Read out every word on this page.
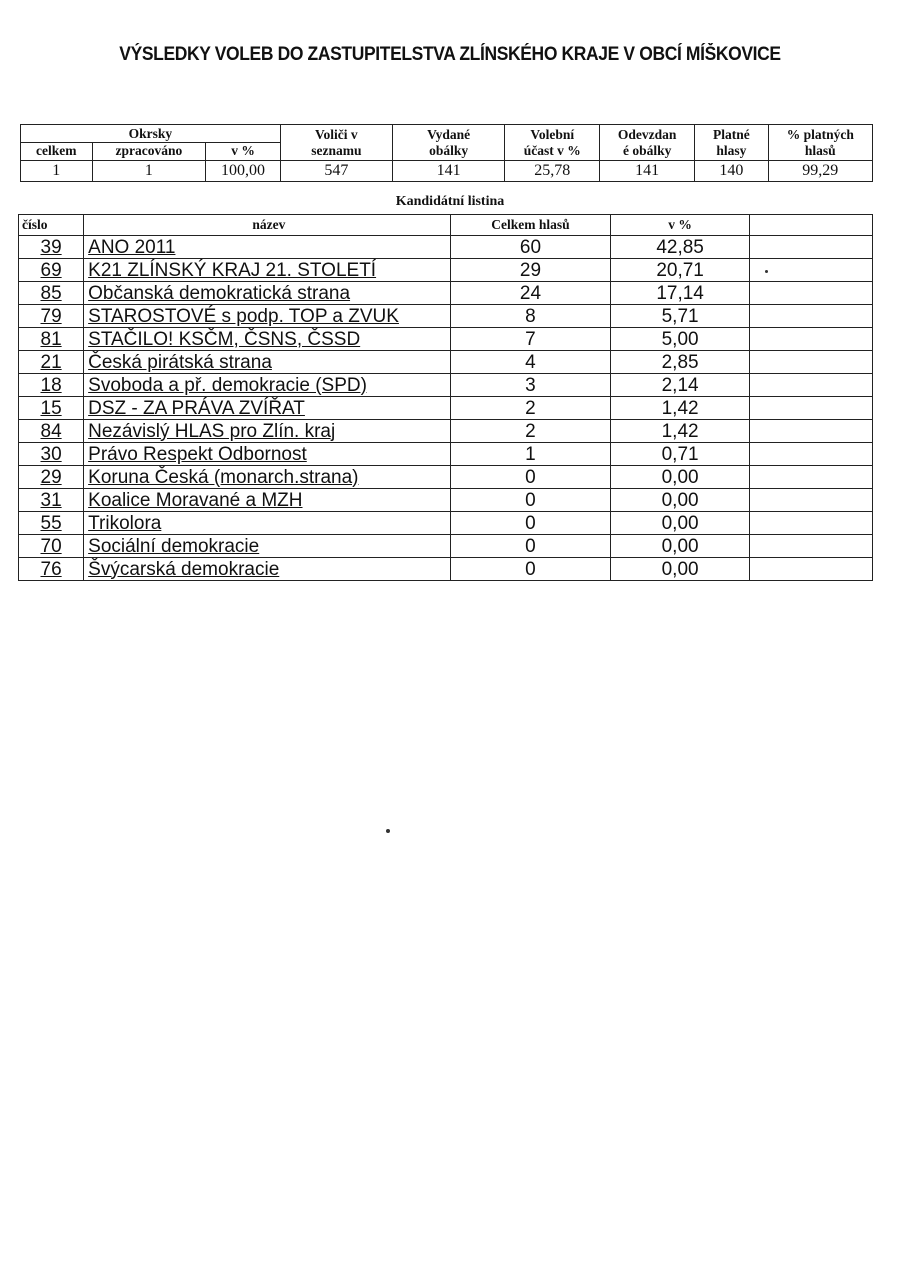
VÝSLEDKY VOLEB DO ZASTUPITELSTVA ZLÍNSKÉHO KRAJE V OBCÍ MÍŠKOVICE
Okrsky			Voliči v	Vydané	Volební	Odevzdan	Platné	% platných
celkem	zpracováno	v %	seznamu	obálky	účast v %	é obálky	hlasy	hlasů
1	1	100,00	547	141	25,78	141	140	99,29
Kandidátní listina
číslo	název	Celkem hlasů	v %	
39	ANO 2011	60	42,85	
69	K21 ZLÍNSKÝ KRAJ 21. STOLETÍ	29	20,71	
85	Občanská demokratická strana	24	17,14	
79	STAROSTOVÉ s podp. TOP a ZVUK	8	5,71	
81	STAČILO! KSČM, ČSNS, ČSSD	7	5,00	
21	Česká pirátská strana	4	2,85	
18	Svoboda a př. demokracie (SPD)	3	2,14	
15	DSZ - ZA PRÁVA ZVÍŘAT	2	1,42	
84	Nezávislý HLAS pro Zlín. kraj	2	1,42	
30	Právo Respekt Odbornost	1	0,71	
29	Koruna Česká (monarch.strana)	0	0,00	
31	Koalice Moravané a MZH	0	0,00	
55	Trikolora	0	0,00	
70	Sociální demokracie	0	0,00	
76	Švýcarská demokracie	0	0,00	
